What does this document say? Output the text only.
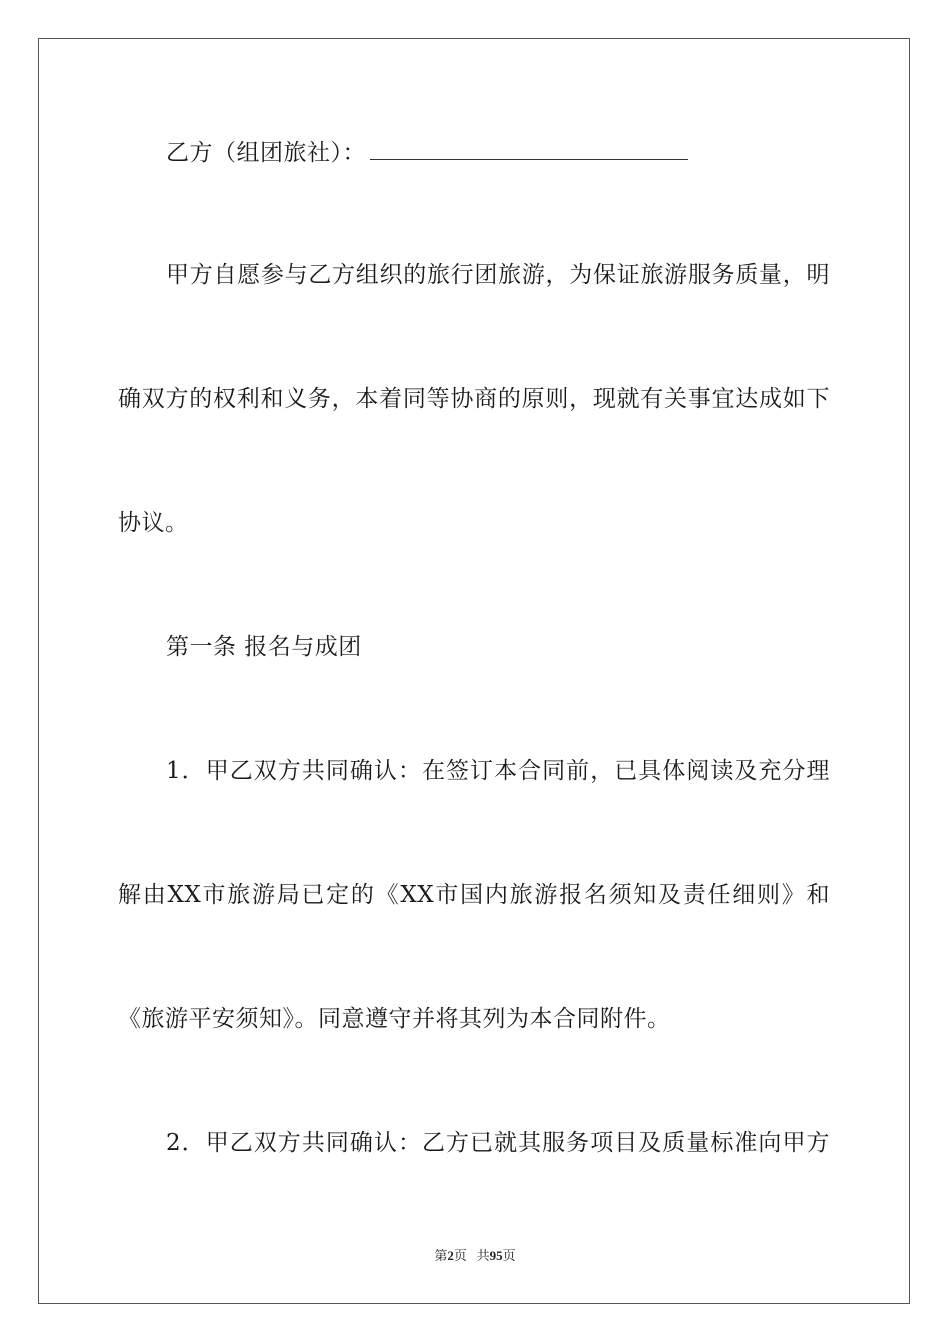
乙方（组团旅社）：
甲方自愿参与乙方组织的旅行团旅游，为保证旅游服务质量，明
确双方的权利和义务，本着同等协商的原则，现就有关事宜达成如下
协议。
第一条 报名与成团
1．甲乙双方共同确认：在签订本合同前，已具体阅读及充分理
解由XX市旅游局已定的《XX市国内旅游报名须知及责任细则》和
《旅游平安须知》。同意遵守并将其列为本合同附件。
2．甲乙双方共同确认：乙方已就其服务项目及质量标准向甲方
第2页 共95页
